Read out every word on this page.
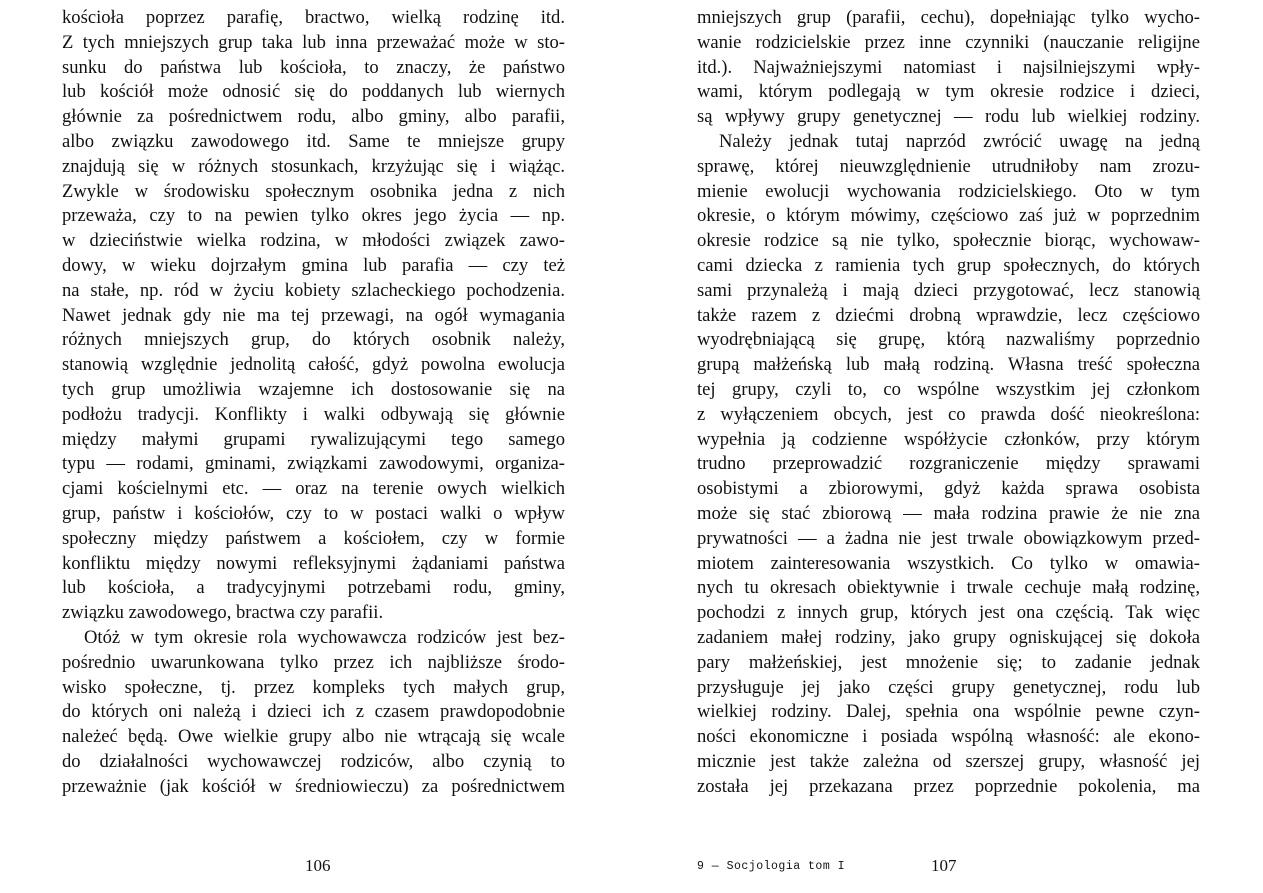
kościoła poprzez parafię, bractwo, wielką rodzinę itd.
Z tych mniejszych grup taka lub inna przeważać może w sto-
sunku do państwa lub kościoła, to znaczy, że państwo
lub kościół może odnosić się do poddanych lub wiernych
głównie za pośrednictwem rodu, albo gminy, albo parafii,
albo związku zawodowego itd. Same te mniejsze grupy
znajdują się w różnych stosunkach, krzyżując się i wiążąc.
Zwykle w środowisku społecznym osobnika jedna z nich
przeważa, czy to na pewien tylko okres jego życia — np.
w dzieciństwie wielka rodzina, w młodości związek zawo-
dowy, w wieku dojrzałym gmina lub parafia — czy też
na stałe, np. ród w życiu kobiety szlacheckiego pochodzenia.
Nawet jednak gdy nie ma tej przewagi, na ogół wymagania
różnych mniejszych grup, do których osobnik należy,
stanowią względnie jednolitą całość, gdyż powolna ewolucja
tych grup umożliwia wzajemne ich dostosowanie się na
podłożu tradycji. Konflikty i walki odbywają się głównie
między małymi grupami rywalizującymi tego samego
typu — rodami, gminami, związkami zawodowymi, organiza-
cjami kościelnymi etc. — oraz na terenie owych wielkich
grup, państw i kościołów, czy to w postaci walki o wpływ
społeczny między państwem a kościołem, czy w formie
konfliktu między nowymi refleksyjnymi żądaniami państwa
lub kościoła, a tradycyjnymi potrzebami rodu, gminy,
związku zawodowego, bractwa czy parafii.
Otóż w tym okresie rola wychowawcza rodziców jest bez-
pośrednio uwarunkowana tylko przez ich najbliższe środo-
wisko społeczne, tj. przez kompleks tych małych grup,
do których oni należą i dzieci ich z czasem prawdopodobnie
należeć będą. Owe wielkie grupy albo nie wtrącają się wcale
do działalności wychowawczej rodziców, albo czynią to
przeważnie (jak kościół w średniowieczu) za pośrednictwem
mniejszych grup (parafii, cechu), dopełniając tylko wycho-
wanie rodzicielskie przez inne czynniki (nauczanie religijne
itd.). Najważniejszymi natomiast i najsilniejszymi wpły-
wami, którym podlegają w tym okresie rodzice i dzieci,
są wpływy grupy genetycznej — rodu lub wielkiej rodziny.
Należy jednak tutaj naprzód zwrócić uwagę na jedną
sprawę, której nieuwzględnienie utrudniłoby nam zrozu-
mienie ewolucji wychowania rodzicielskiego. Oto w tym
okresie, o którym mówimy, częściowo zaś już w poprzednim
okresie rodzice są nie tylko, społecznie biorąc, wychowaw-
cami dziecka z ramienia tych grup społecznych, do których
sami przynależą i mają dzieci przygotować, lecz stanowią
także razem z dziećmi drobną wprawdzie, lecz częściowo
wyodrębniającą się grupę, którą nazwaliśmy poprzednio
grupą małżeńską lub małą rodziną. Własna treść społeczna
tej grupy, czyli to, co wspólne wszystkim jej członkom
z wyłączeniem obcych, jest co prawda dość nieokreślona:
wypełnia ją codzienne współżycie członków, przy którym
trudno przeprowadzić rozgraniczenie między sprawami
osobistymi a zbiorowymi, gdyż każda sprawa osobista
może się stać zbiorową — mała rodzina prawie że nie zna
prywatności — a żadna nie jest trwale obowiązkowym przed-
miotem zainteresowania wszystkich. Co tylko w omawia-
nych tu okresach obiektywnie i trwale cechuje małą rodzinę,
pochodzi z innych grup, których jest ona częścią. Tak więc
zadaniem małej rodziny, jako grupy ogniskującej się dokoła
pary małżeńskiej, jest mnożenie się; to zadanie jednak
przysługuje jej jako części grupy genetycznej, rodu lub
wielkiej rodziny. Dalej, spełnia ona wspólnie pewne czyn-
ności ekonomiczne i posiada wspólną własność: ale ekono-
micznie jest także zależna od szerszej grupy, własność jej
została jej przekazana przez poprzednie pokolenia, ma
106	9 — Socjologia tom I	107
